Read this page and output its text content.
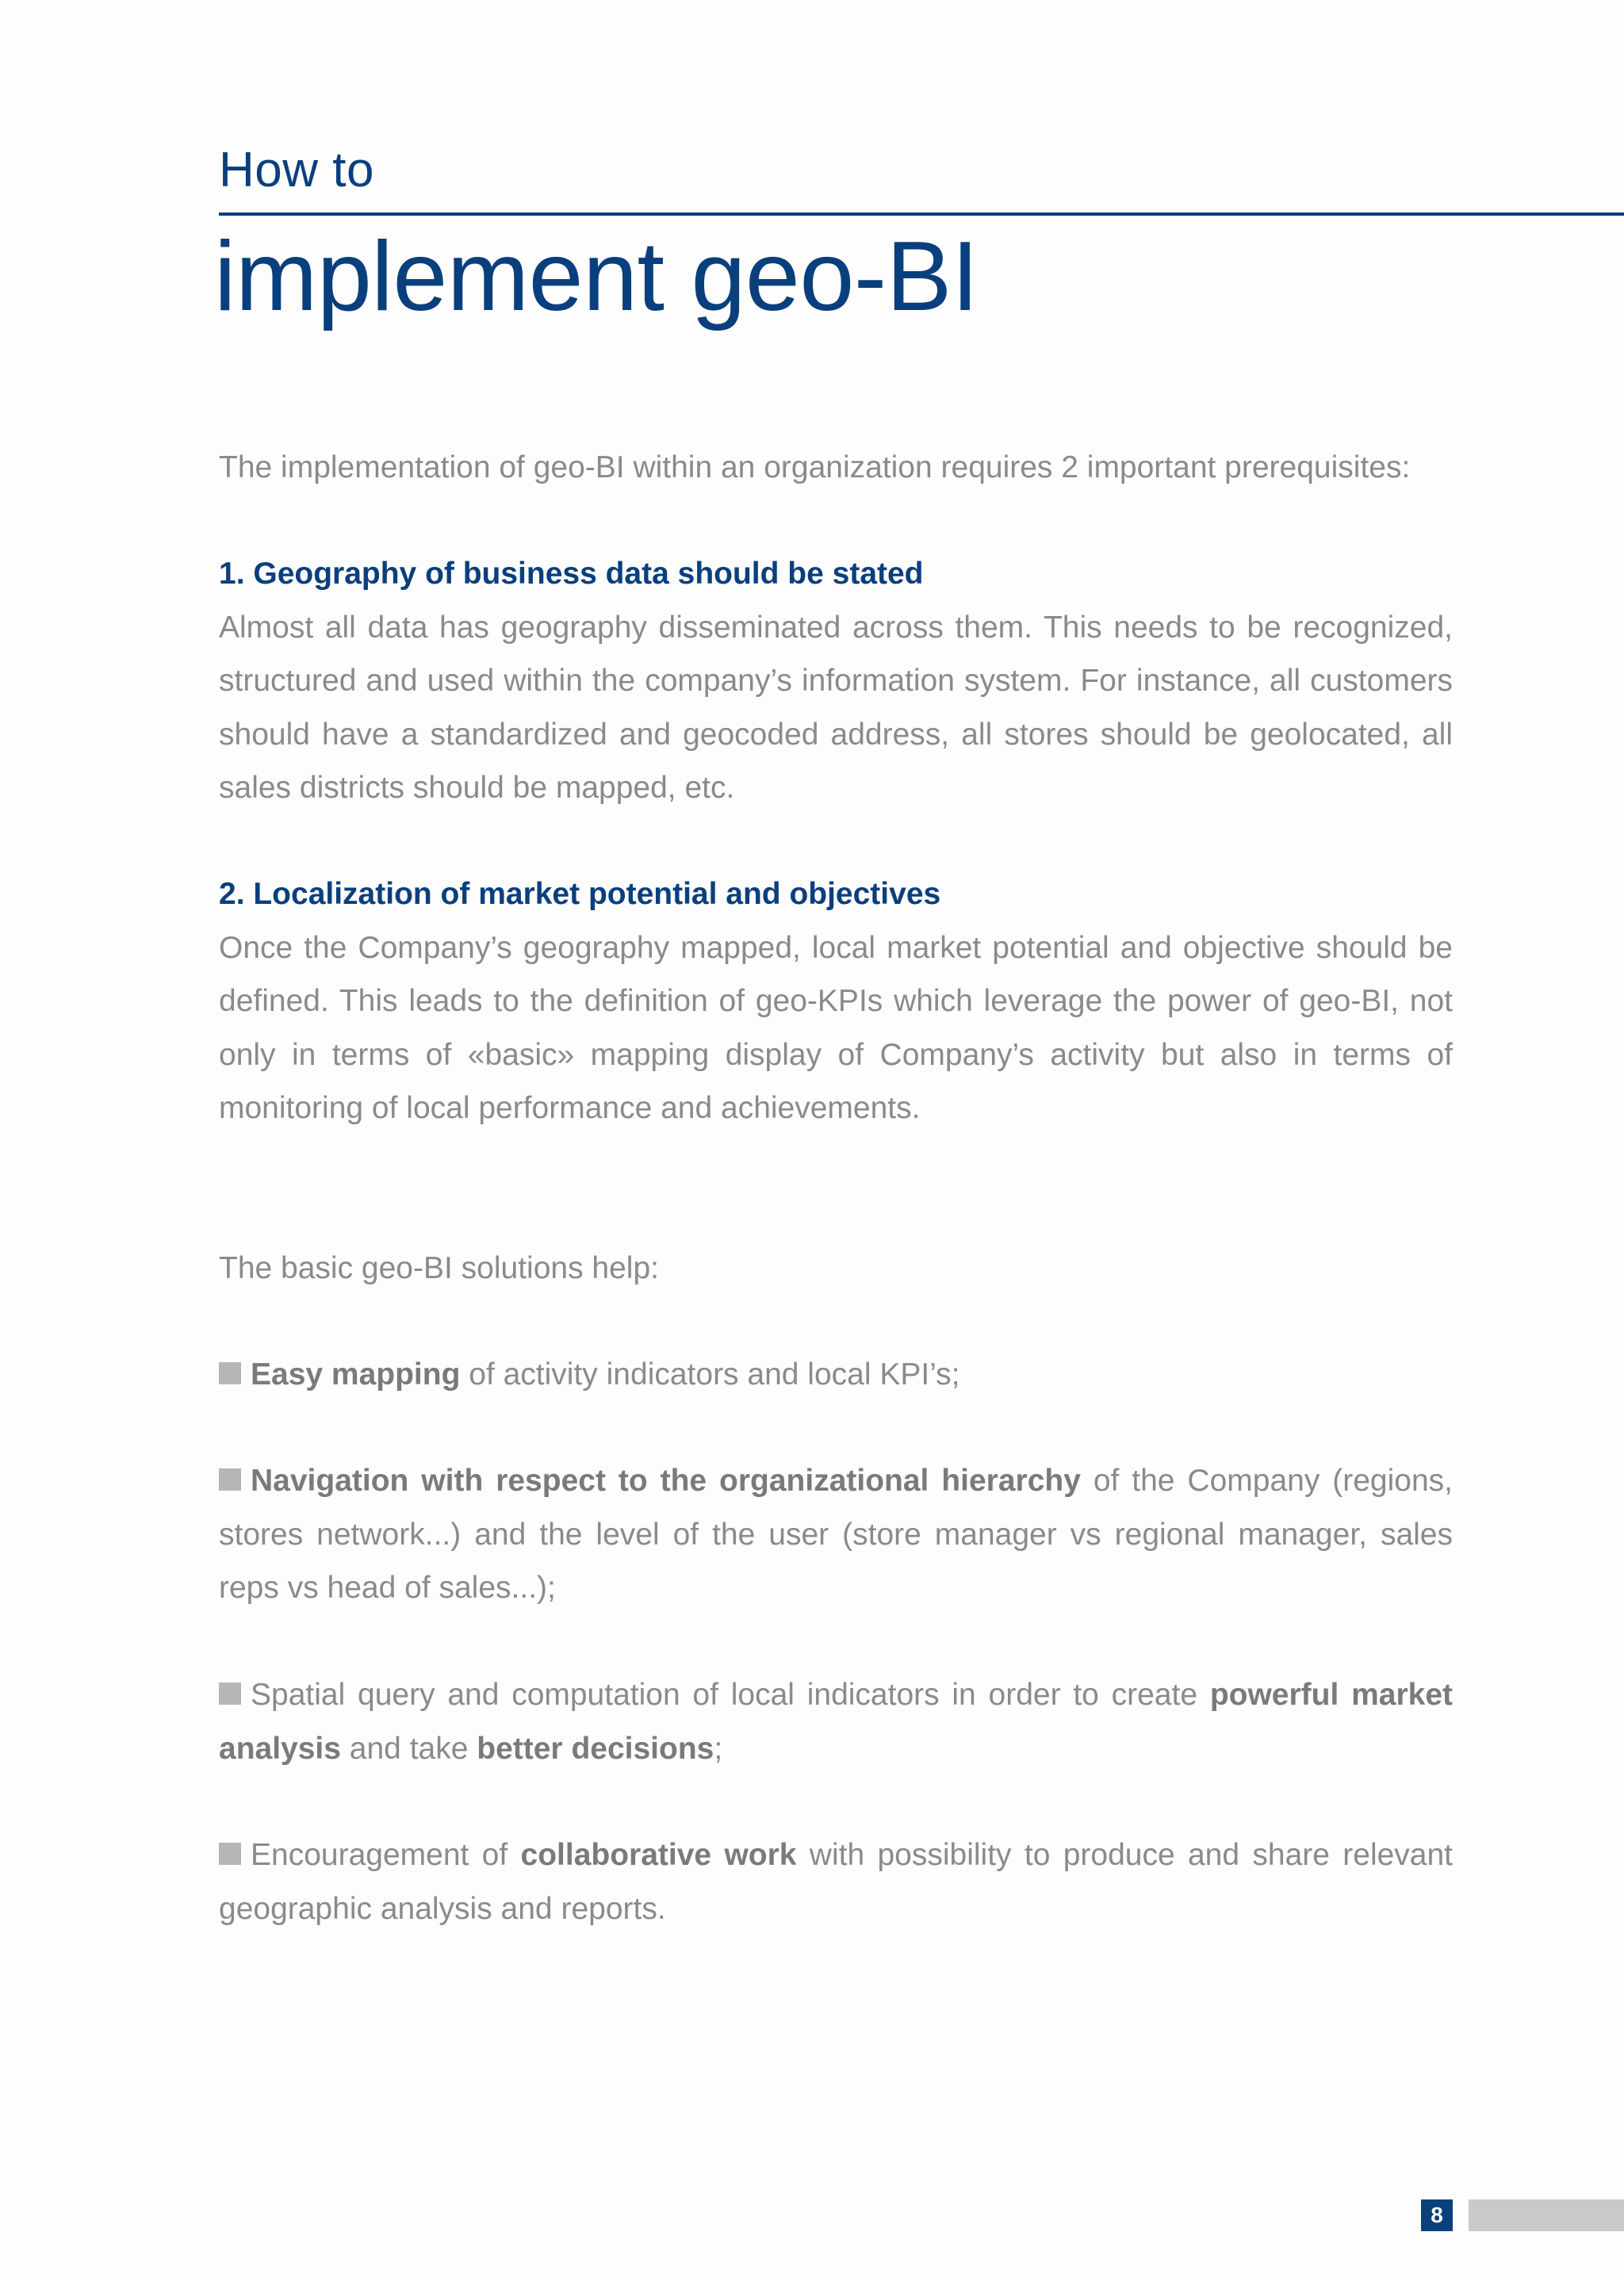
How to
implement geo-BI

The implementation of geo-BI within an organization requires 2 important prerequisites:

1. Geography of business data should be stated

Almost all data has geography disseminated across them. This needs to be recognized, structured and used within the company’s information system. For instance, all customers should have a standardized and geocoded address, all stores should be geolocated, all sales districts should be mapped, etc.

2. Localization of market potential and objectives

Once the Company’s geography mapped, local market potential and objective should be defined. This leads to the definition of geo-KPIs which leverage the power of geo-BI, not only in terms of «basic» mapping display of Company’s activity but also in terms of monitoring of local performance and achievements.

The basic geo-BI solutions help:

Easy mapping of activity indicators and local KPI’s;

Navigation with respect to the organizational hierarchy of the Company (regions, stores network...) and the level of the user (store manager vs regional manager, sales reps vs head of sales...);

Spatial query and computation of local indicators in order to create powerful market analysis and take better decisions;

Encouragement of collaborative work with possibility to produce and share relevant geographic analysis and reports.

8
